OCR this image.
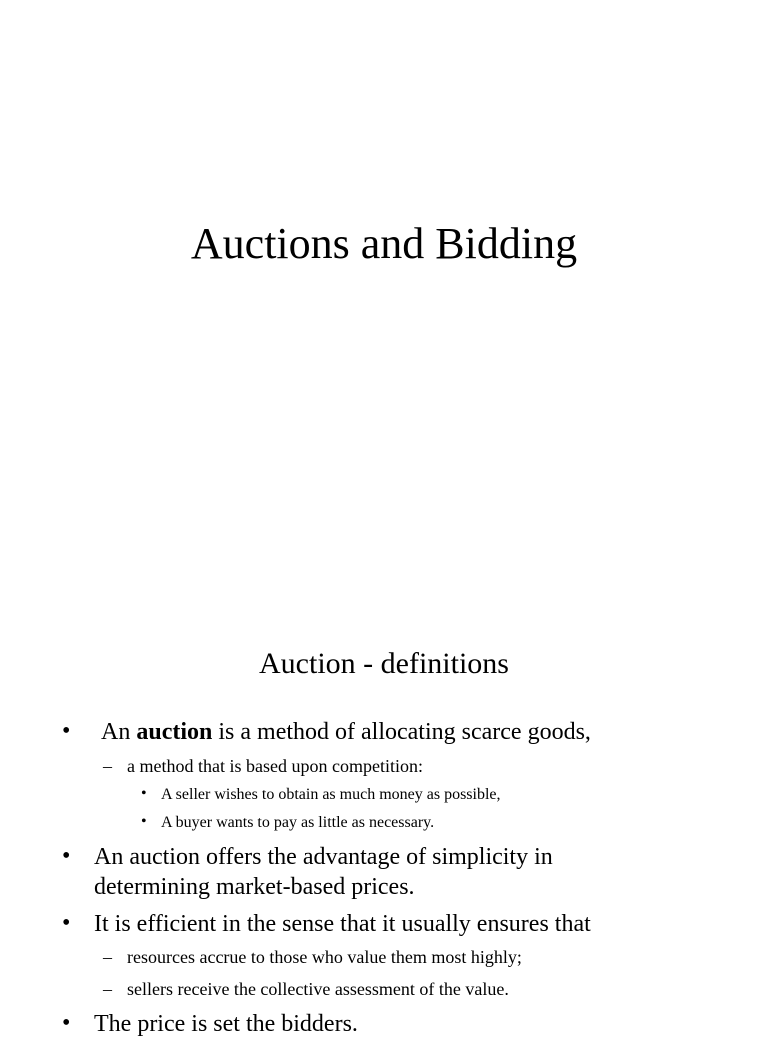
Auctions and Bidding
Auction - definitions
• An auction is a method of allocating scarce goods,
– a method that is based upon competition:
• A seller wishes to obtain as much money as possible,
• A buyer wants to pay as little as necessary.
• An auction offers the advantage of simplicity in
determining market-based prices.
• It is efficient in the sense that it usually ensures that
– resources accrue to those who value them most highly;
– sellers receive the collective assessment of the value.
• The price is set the bidders.
